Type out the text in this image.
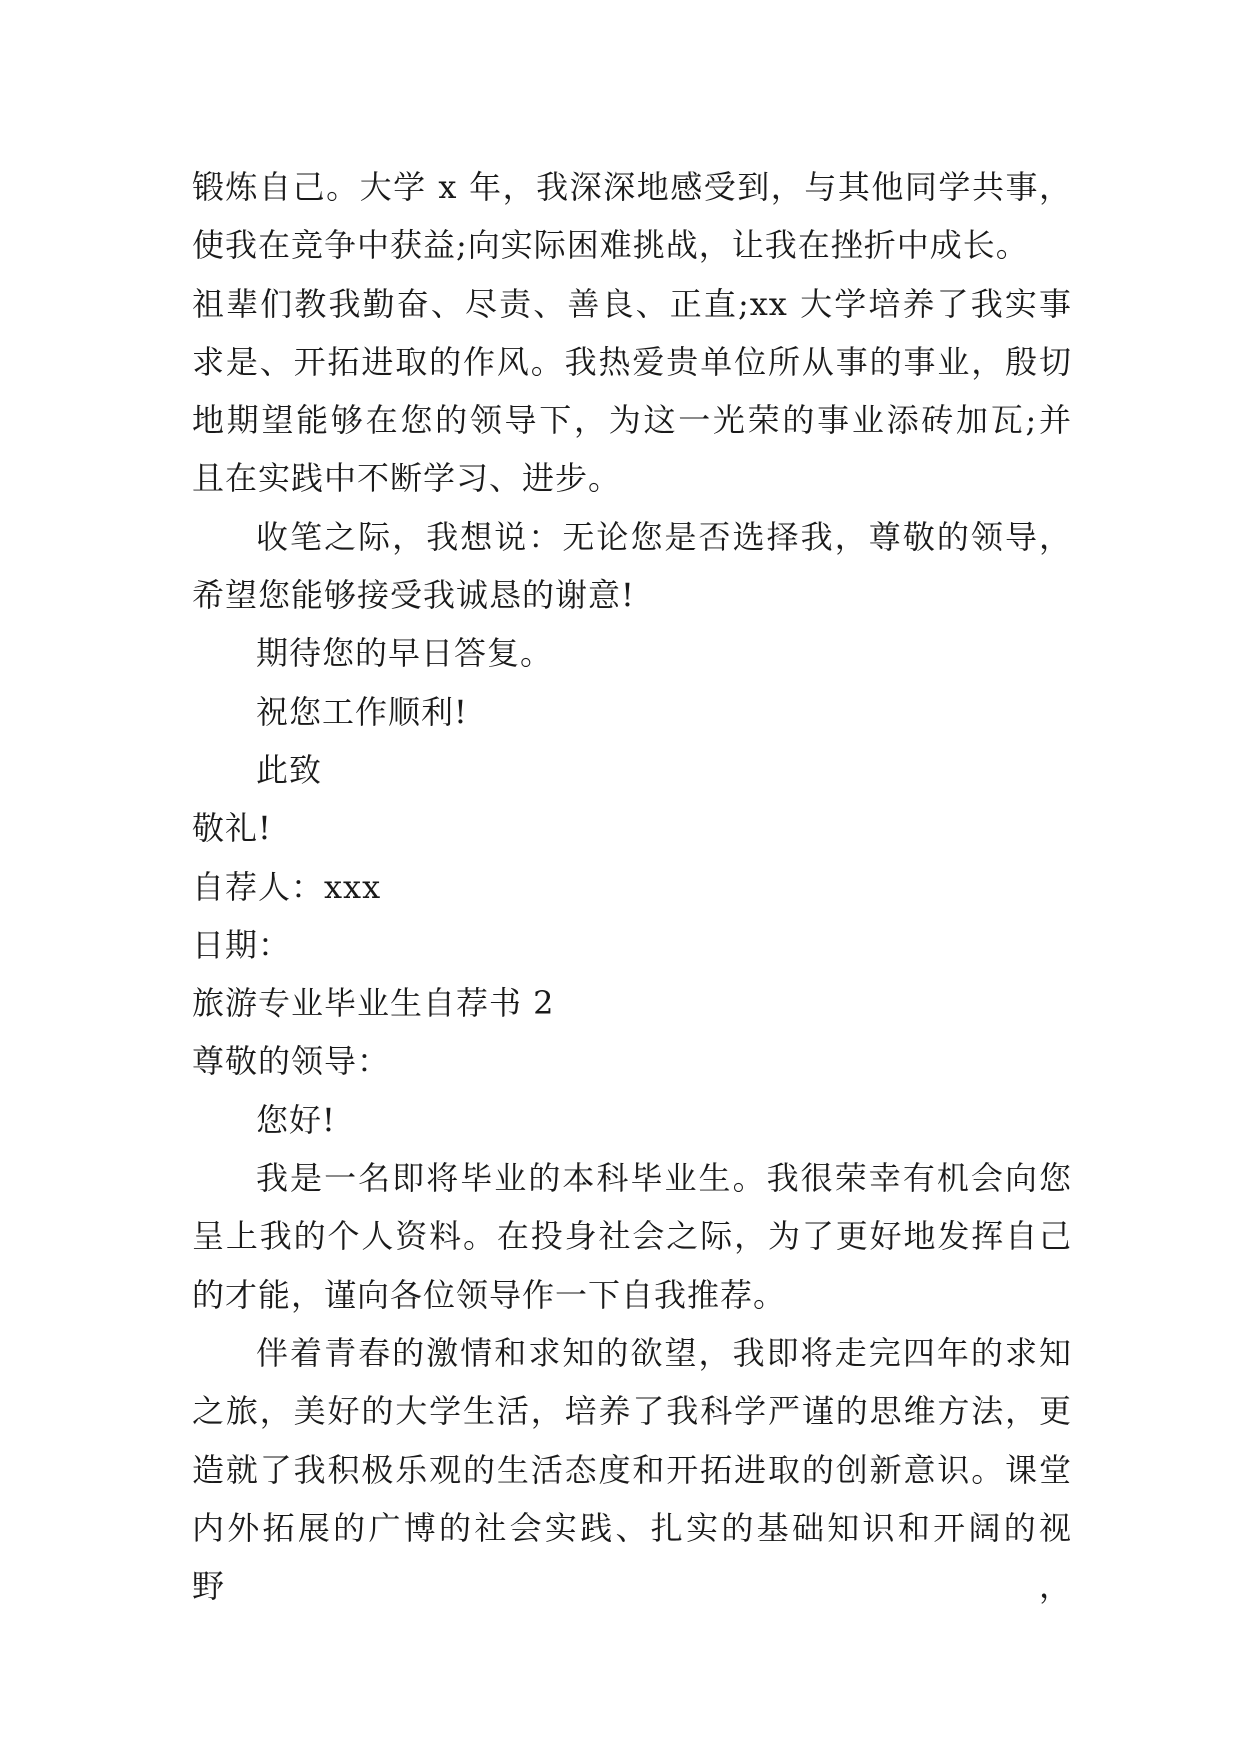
锻炼自己。大学 x 年，我深深地感受到，与其他同学共事，
使我在竞争中获益;向实际困难挑战，让我在挫折中成长。
祖辈们教我勤奋、尽责、善良、正直;xx 大学培养了我实事
求是、开拓进取的作风。我热爱贵单位所从事的事业，殷切
地期望能够在您的领导下，为这一光荣的事业添砖加瓦;并
且在实践中不断学习、进步。
收笔之际，我想说：无论您是否选择我，尊敬的领导，
希望您能够接受我诚恳的谢意!
期待您的早日答复。
祝您工作顺利!
此致
敬礼!
自荐人：xxx
日期：
旅游专业毕业生自荐书 2
尊敬的领导：
您好!
我是一名即将毕业的本科毕业生。我很荣幸有机会向您
呈上我的个人资料。在投身社会之际，为了更好地发挥自己
的才能，谨向各位领导作一下自我推荐。
伴着青春的激情和求知的欲望，我即将走完四年的求知
之旅，美好的大学生活，培养了我科学严谨的思维方法，更
造就了我积极乐观的生活态度和开拓进取的创新意识。课堂
内外拓展的广博的社会实践、扎实的基础知识和开阔的视野，
